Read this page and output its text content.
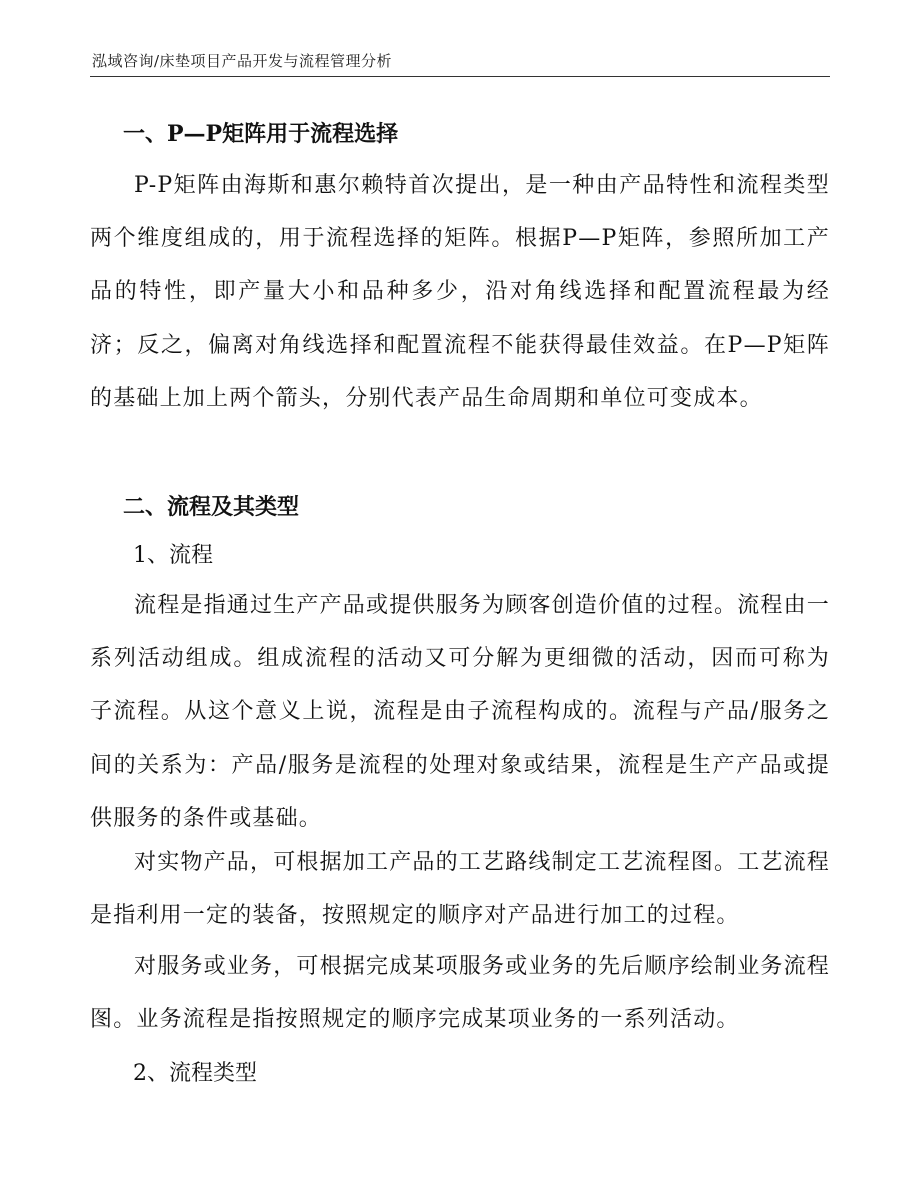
泓域咨询/床垫项目产品开发与流程管理分析
一、P—P矩阵用于流程选择

P-P矩阵由海斯和惠尔赖特首次提出，是一种由产品特性和流程类型两个维度组成的，用于流程选择的矩阵。根据P—P矩阵，参照所加工产品的特性，即产量大小和品种多少，沿对角线选择和配置流程最为经济；反之，偏离对角线选择和配置流程不能获得最佳效益。在P—P矩阵的基础上加上两个箭头，分别代表产品生命周期和单位可变成本。

二、流程及其类型
1、流程

流程是指通过生产产品或提供服务为顾客创造价值的过程。流程由一系列活动组成。组成流程的活动又可分解为更细微的活动，因而可称为子流程。从这个意义上说，流程是由子流程构成的。流程与产品/服务之间的关系为：产品/服务是流程的处理对象或结果，流程是生产产品或提供服务的条件或基础。

对实物产品，可根据加工产品的工艺路线制定工艺流程图。工艺流程是指利用一定的装备，按照规定的顺序对产品进行加工的过程。

对服务或业务，可根据完成某项服务或业务的先后顺序绘制业务流程图。业务流程是指按照规定的顺序完成某项业务的一系列活动。

2、流程类型
